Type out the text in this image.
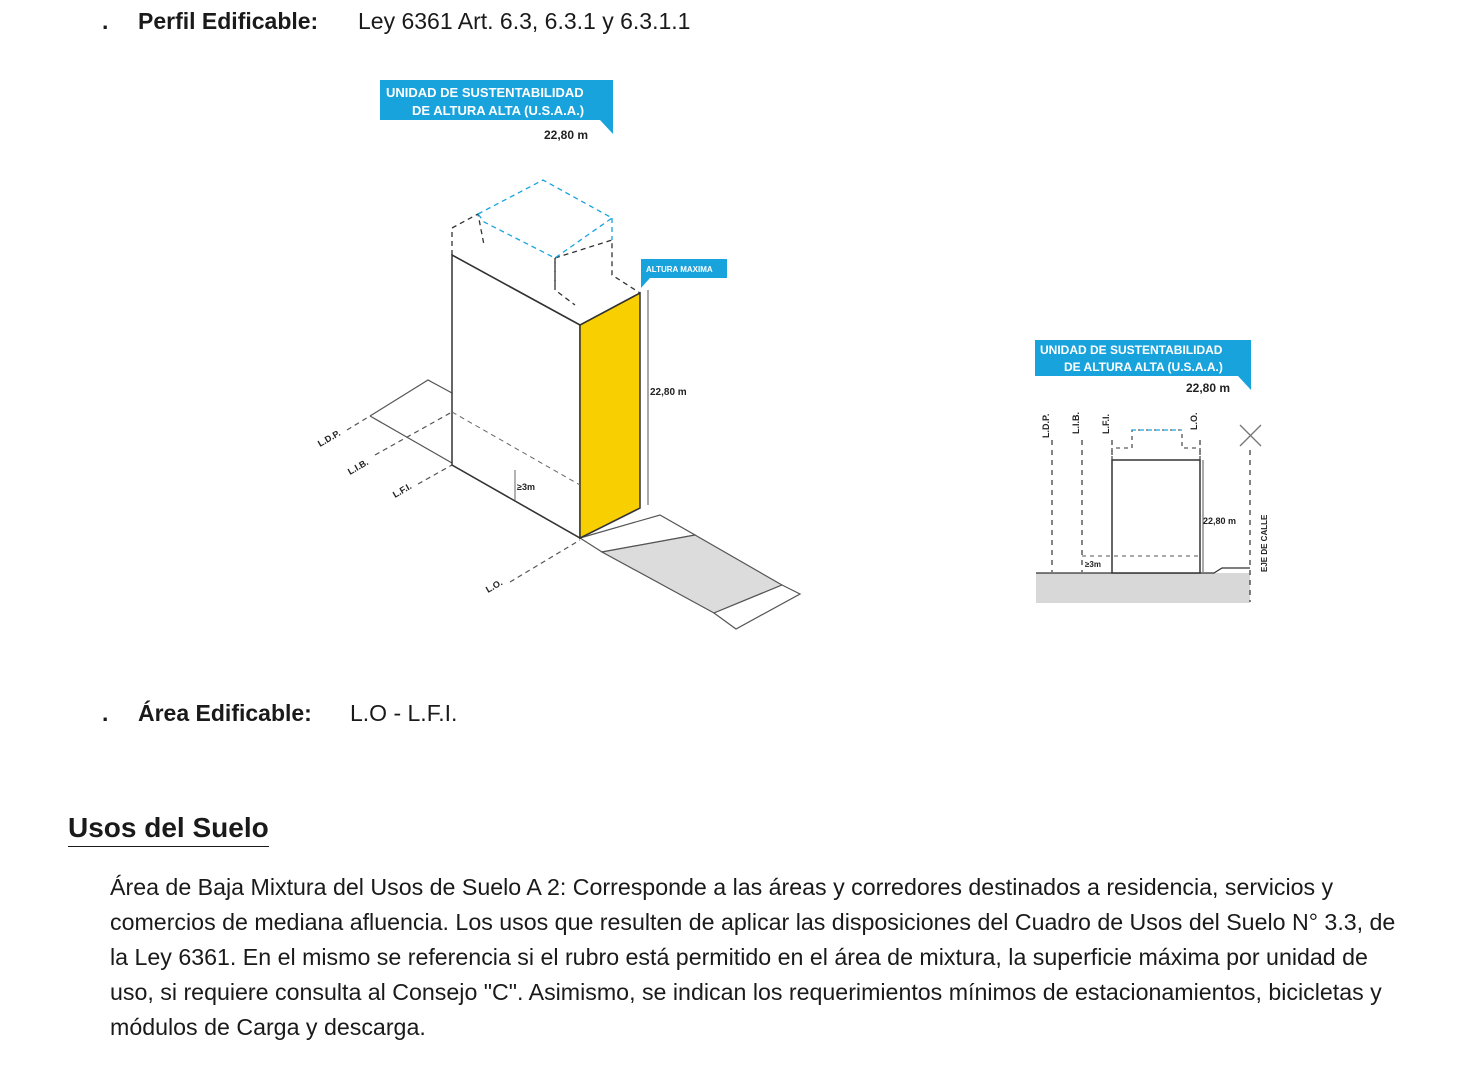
. Perfil Edificable: Ley 6361 Art. 6.3, 6.3.1 y 6.3.1.1
UNIDAD DE SUSTENTABILIDAD
DE ALTURA ALTA (U.S.A.A.)
22,80 m
ALTURA MAXIMA
22,80 m
≥3m
L.D.P.
L.I.B.
L.F.I.
L.O.
UNIDAD DE SUSTENTABILIDAD
DE ALTURA ALTA (U.S.A.A.)
22,80 m
L.D.P. L.I.B. L.F.I.	L.O.
EJE DE CALLE
22,80 m
≥3m
. Área Edificable: L.O - L.F.I.
Usos del Suelo

Área de Baja Mixtura del Usos de Suelo A 2: Corresponde a las áreas y corredores destinados a residencia, servicios y comercios de mediana afluencia. Los usos que resulten de aplicar las disposiciones del Cuadro de Usos del Suelo N° 3.3, de la Ley 6361. En el mismo se referencia si el rubro está permitido en el área de mixtura, la superficie máxima por unidad de uso, si requiere consulta al Consejo "C". Asimismo, se indican los requerimientos mínimos de estacionamientos, bicicletas y módulos de Carga y descarga.
